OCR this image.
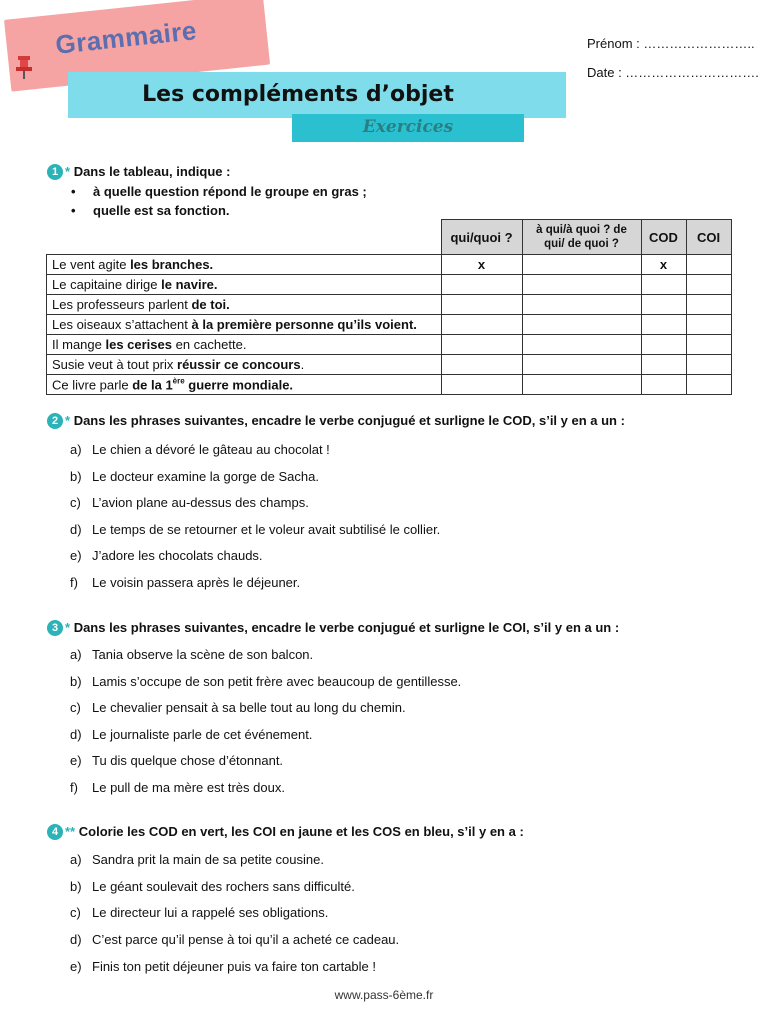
Grammaire
Les compléments d’objet
Exercices
Prénom : ……………………..
Date : ………………………….
1 * Dans le tableau, indique :
• à quelle question répond le groupe en gras ;
• quelle est sa fonction.
	qui/quoi ?	à qui/à quoi ? de qui/ de quoi ?	COD	COI
Le vent agite les branches.	x		x	
Le capitaine dirige le navire.				
Les professeurs parlent de toi.				
Les oiseaux s’attachent à la première personne qu’ils voient.				
Il mange les cerises en cachette.				
Susie veut à tout prix réussir ce concours.				
Ce livre parle de la 1ère guerre mondiale.				
2 * Dans les phrases suivantes, encadre le verbe conjugué et surligne le COD, s’il y en a un :
a) Le chien a dévoré le gâteau au chocolat !
b) Le docteur examine la gorge de Sacha.
c) L’avion plane au-dessus des champs.
d) Le temps de se retourner et le voleur avait subtilisé le collier.
e) J’adore les chocolats chauds.
f) Le voisin passera après le déjeuner.
3 * Dans les phrases suivantes, encadre le verbe conjugué et surligne le COI, s’il y en a un :
a) Tania observe la scène de son balcon.
b) Lamis s’occupe de son petit frère avec beaucoup de gentillesse.
c) Le chevalier pensait à sa belle tout au long du chemin.
d) Le journaliste parle de cet événement.
e) Tu dis quelque chose d’étonnant.
f) Le pull de ma mère est très doux.
4 ** Colorie les COD en vert, les COI en jaune et les COS en bleu, s’il y en a :
a) Sandra prit la main de sa petite cousine.
b) Le géant soulevait des rochers sans difficulté.
c) Le directeur lui a rappelé ses obligations.
d) C’est parce qu’il pense à toi qu’il a acheté ce cadeau.
e) Finis ton petit déjeuner puis va faire ton cartable !
www.pass-6ème.fr
